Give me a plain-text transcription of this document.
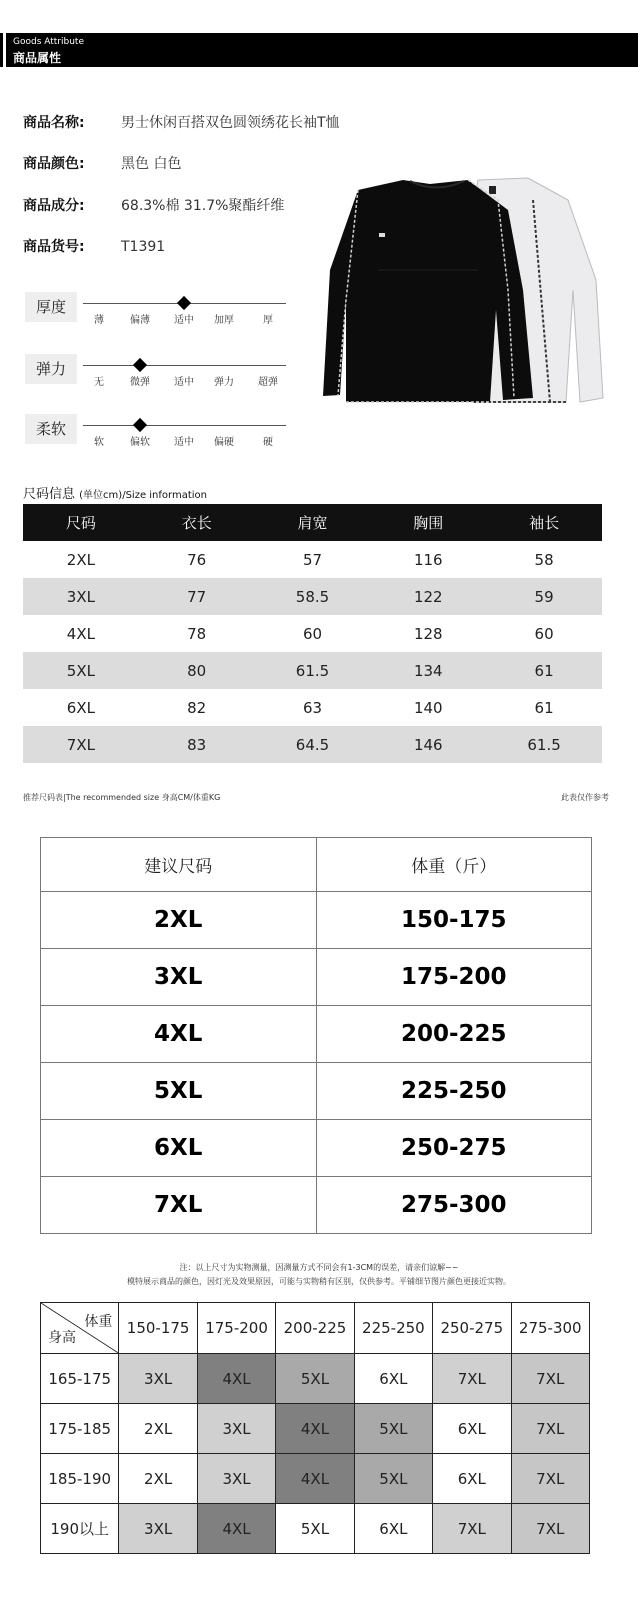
Goods Attribute
商品属性
商品名称:	男士休闲百搭双色圆领绣花长袖T恤
商品颜色:	黑色 白色
商品成分:	68.3%棉 31.7%聚酯纤维
商品货号:	T1391
厚度
薄	偏薄	适中	加厚	厚
弹力
无	微弹	适中	弹力	超弹
柔软
软	偏软	适中	偏硬	硬
尺码信息 (单位cm)/Size information
尺码	衣长	肩宽	胸围	袖长
2XL	76	57	116	58
3XL	77	58.5	122	59
4XL	78	60	128	60
5XL	80	61.5	134	61
6XL	82	63	140	61
7XL	83	64.5	146	61.5
推荐尺码表|The recommended size 身高CM/体重KG	此表仅作参考
建议尺码	体重（斤）
2XL	150-175
3XL	175-200
4XL	200-225
5XL	225-250
6XL	250-275
7XL	275-300
注：以上尺寸为实物测量，因测量方式不同会有1-3CM的误差，请亲们谅解~~
模特展示商品的颜色，因灯光及效果原因，可能与实物稍有区别，仅供参考。平铺细节图片颜色更接近实物。
体重
身高	150-175	175-200	200-225	225-250	250-275	275-300
165-175	3XL	4XL	5XL	6XL	7XL	7XL
175-185	2XL	3XL	4XL	5XL	6XL	7XL
185-190	2XL	3XL	4XL	5XL	6XL	7XL
190以上	3XL	4XL	5XL	6XL	7XL	7XL
